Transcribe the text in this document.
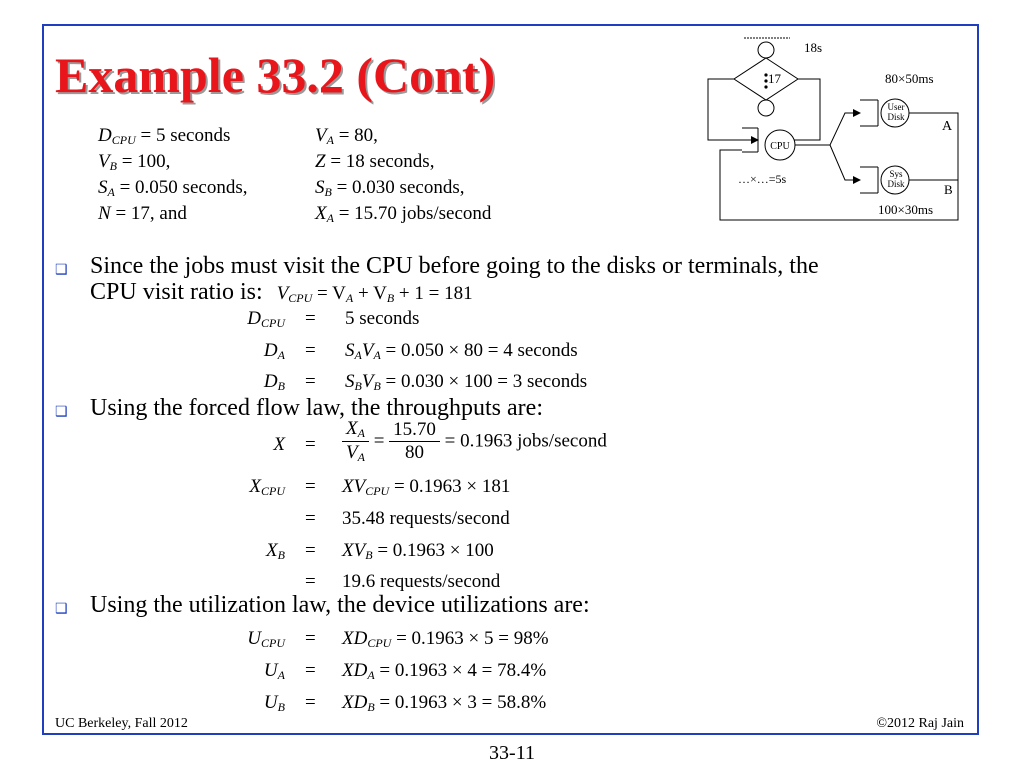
Example 33.2 (Cont)
$D_{CPU} = 5$ seconds	$V_A = 80$,
$V_B = 100$,	Z = 18 seconds,
$S_A = 0.050$ seconds,	$S_B = 0.030$ seconds,
N = 17, and	$X_A = 15.70$ jobs/second
18s
17
CPU
…×…=5s
User
Disk
80×50ms
A
Sys
Disk	B
100×30ms
❑ Since the jobs must visit the CPU before going to the disks or terminals, the
CPU visit ratio is: $V_{CPU} = V_A + V_B + 1 = 181$
$D_{CPU} = 5$ seconds
$D_A = S_AV_A = 0.050 \times 80 = 4$ seconds
$D_B = S_BV_B = 0.030 \times 100 = 3$ seconds
❑ Using the forced flow law, the throughputs are:
$X = \frac{X_A}{V_A} = \frac{15.70}{80} = 0.1963$ jobs/second
$X_{CPU} = XV_{CPU} = 0.1963 \times 181$
= 35.48 requests/second
$X_B = XV_B = 0.1963 \times 100$
= 19.6 requests/second
❑ Using the utilization law, the device utilizations are:
$U_{CPU} = XD_{CPU} = 0.1963 \times 5 = 98\%$
$U_A = XD_A = 0.1963 \times 4 = 78.4\%$
$U_B = XD_B = 0.1963 \times 3 = 58.8\%$
UC Berkeley, Fall 2012	©2012 Raj Jain
33-11
